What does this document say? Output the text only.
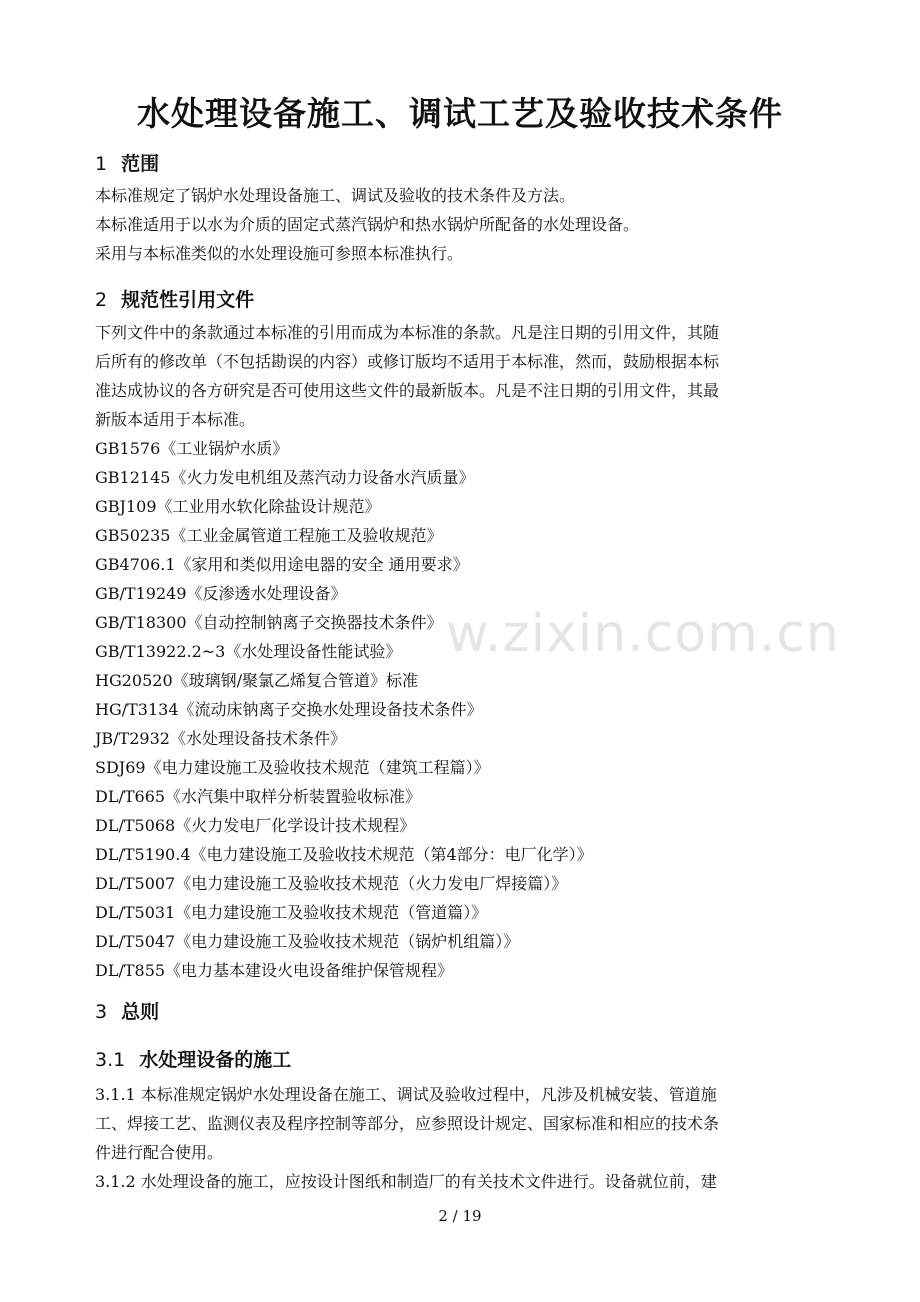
水处理设备施工、调试工艺及验收技术条件
1 范围
本标准规定了锅炉水处理设备施工、调试及验收的技术条件及方法。
本标准适用于以水为介质的固定式蒸汽锅炉和热水锅炉所配备的水处理设备。
采用与本标准类似的水处理设施可参照本标准执行。
2 规范性引用文件
下列文件中的条款通过本标准的引用而成为本标准的条款。凡是注日期的引用文件，其随
后所有的修改单（不包括勘误的内容）或修订版均不适用于本标准，然而，鼓励根据本标
准达成协议的各方研究是否可使用这些文件的最新版本。凡是不注日期的引用文件，其最
新版本适用于本标准。
GB1576《工业锅炉水质》
GB12145《火力发电机组及蒸汽动力设备水汽质量》
GBJ109《工业用水软化除盐设计规范》
GB50235《工业金属管道工程施工及验收规范》
GB4706.1《家用和类似用途电器的安全 通用要求》
GB/T19249《反渗透水处理设备》
GB/T18300《自动控制钠离子交换器技术条件》
GB/T13922.2~3《水处理设备性能试验》
HG20520《玻璃钢/聚氯乙烯复合管道》标准
HG/T3134《流动床钠离子交换水处理设备技术条件》
JB/T2932《水处理设备技术条件》
SDJ69《电力建设施工及验收技术规范（建筑工程篇）》
DL/T665《水汽集中取样分析装置验收标准》
DL/T5068《火力发电厂化学设计技术规程》
DL/T5190.4《电力建设施工及验收技术规范（第4部分：电厂化学）》
DL/T5007《电力建设施工及验收技术规范（火力发电厂焊接篇）》
DL/T5031《电力建设施工及验收技术规范（管道篇）》
DL/T5047《电力建设施工及验收技术规范（锅炉机组篇）》
DL/T855《电力基本建设火电设备维护保管规程》
3 总则
3.1 水处理设备的施工
3.1.1 本标准规定锅炉水处理设备在施工、调试及验收过程中，凡涉及机械安装、管道施
工、焊接工艺、监测仪表及程序控制等部分，应参照设计规定、国家标准和相应的技术条
件进行配合使用。
3.1.2 水处理设备的施工，应按设计图纸和制造厂的有关技术文件进行。设备就位前，建
w.zixin.com.cn
2 / 19
